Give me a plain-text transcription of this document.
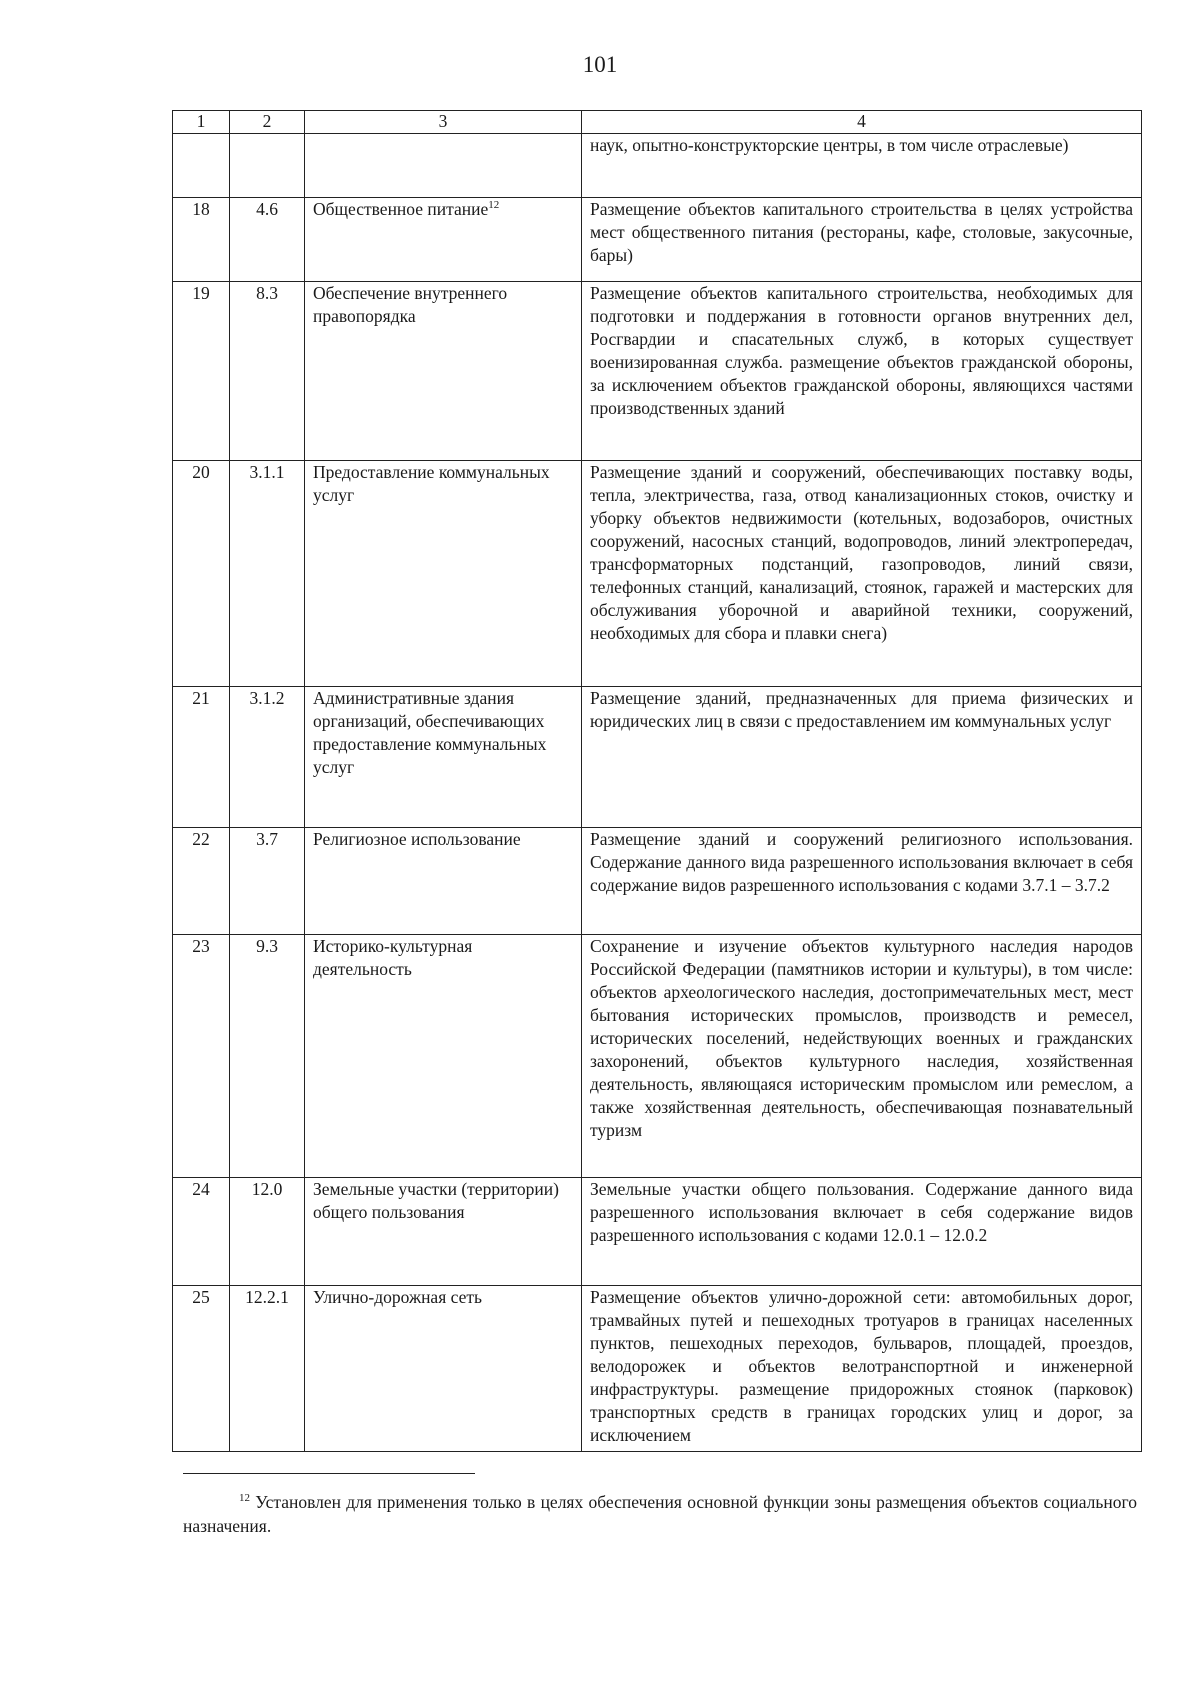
101
1	2	3	4
			наук, опытно-конструкторские центры, в том числе отраслевые)
18	4.6	Общественное питание$^{12}$	Размещение объектов капитального строительства в целях устройства мест общественного питания (рестораны, кафе, столовые, закусочные, бары)
19	8.3	Обеспечение внутреннего правопорядка	Размещение объектов капитального строительства, необходимых для подготовки и поддержания в готовности органов внутренних дел, Росгвардии и спасательных служб, в которых существует военизированная служба. размещение объектов гражданской обороны, за исключением объектов гражданской обороны, являющихся частями производственных зданий
20	3.1.1	Предоставление коммунальных услуг	Размещение зданий и сооружений, обеспечивающих поставку воды, тепла, электричества, газа, отвод канализационных стоков, очистку и уборку объектов недвижимости (котельных, водозаборов, очистных сооружений, насосных станций, водопроводов, линий электропередач, трансформаторных подстанций, газопроводов, линий связи, телефонных станций, канализаций, стоянок, гаражей и мастерских для обслуживания уборочной и аварийной техники, сооружений, необходимых для сбора и плавки снега)
21	3.1.2	Административные здания организаций, обеспечивающих предоставление коммунальных услуг	Размещение зданий, предназначенных для приема физических и юридических лиц в связи с предоставлением им коммунальных услуг
22	3.7	Религиозное использование	Размещение зданий и сооружений религиозного использования. Содержание данного вида разрешенного использования включает в себя содержание видов разрешенного использования с кодами 3.7.1 – 3.7.2
23	9.3	Историко-культурная деятельность	Сохранение и изучение объектов культурного наследия народов Российской Федерации (памятников истории и культуры), в том числе: объектов археологического наследия, достопримечательных мест, мест бытования исторических промыслов, производств и ремесел, исторических поселений, недействующих военных и гражданских захоронений, объектов культурного наследия, хозяйственная деятельность, являющаяся историческим промыслом или ремеслом, а также хозяйственная деятельность, обеспечивающая познавательный туризм
24	12.0	Земельные участки (территории) общего пользования	Земельные участки общего пользования. Содержание данного вида разрешенного использования включает в себя содержание видов разрешенного использования с кодами 12.0.1 – 12.0.2
25	12.2.1	Улично-дорожная сеть	Размещение объектов улично-дорожной сети: автомобильных дорог, трамвайных путей и пешеходных тротуаров в границах населенных пунктов, пешеходных переходов, бульваров, площадей, проездов, велодорожек и объектов велотранспортной и инженерной инфраструктуры. размещение придорожных стоянок (парковок) транспортных средств в границах городских улиц и дорог, за исключением
$^{12}$ Установлен для применения только в целях обеспечения основной функции зоны размещения объектов социального назначения.
